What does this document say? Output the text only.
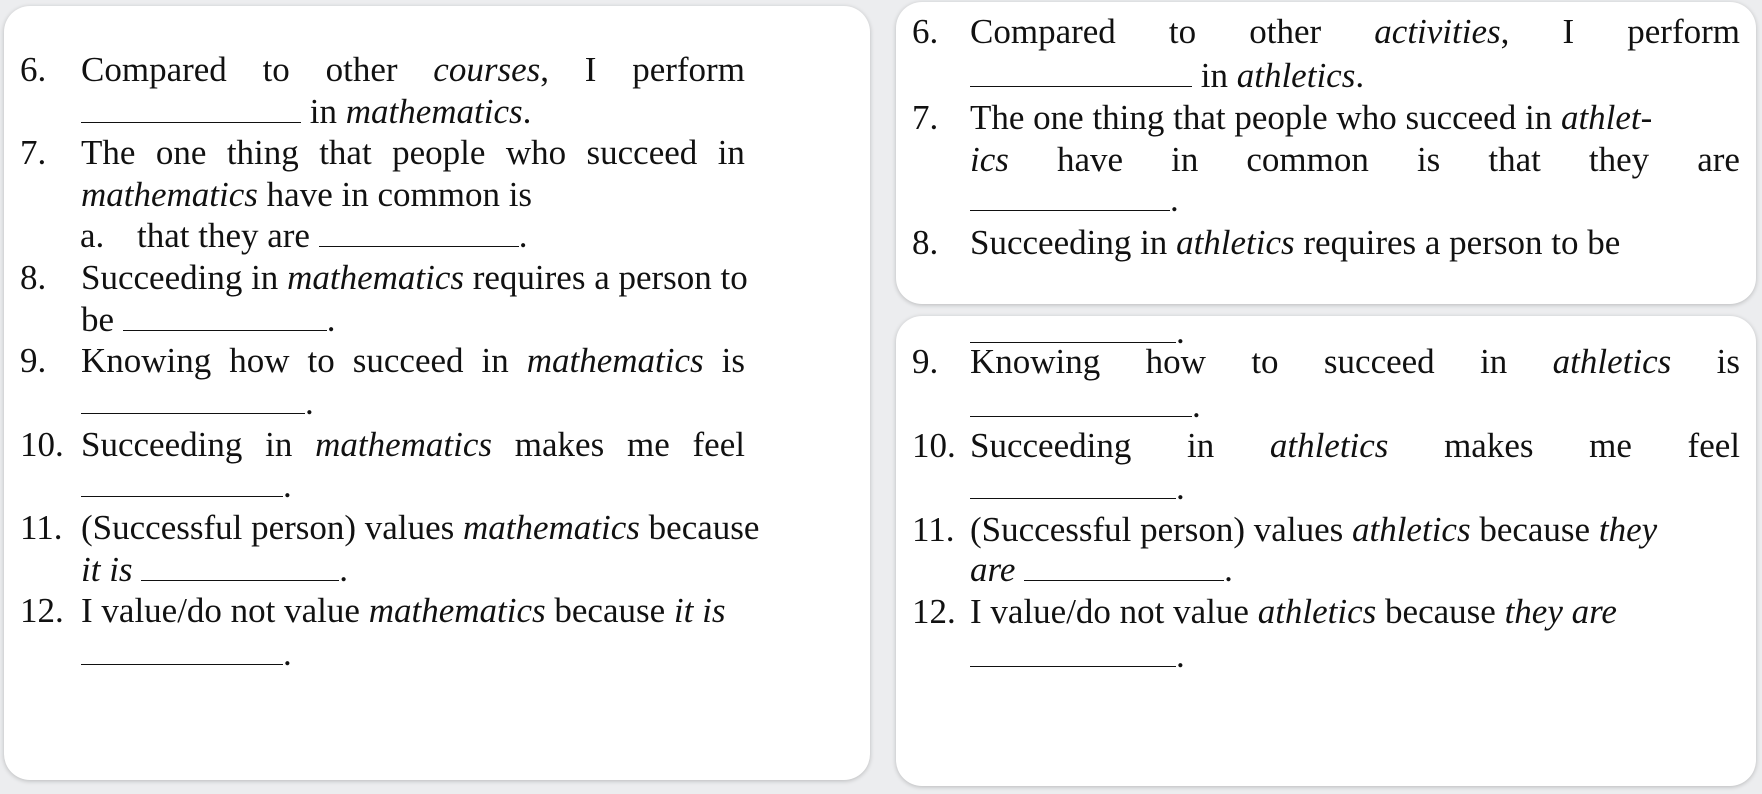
6. Compared to other courses, I perform
in mathematics.
7. The one thing that people who succeed in
mathematics have in common is
a. that they are	.
8. Succeeding in mathematics requires a person to
be	.
9. Knowing how to succeed in mathematics is
.
10. Succeeding in mathematics makes me feel
.
11. (Successful person) values mathematics because
it is	.
12. I value/do not value mathematics because it is
.
6. Compared to other activities, I perform
in athletics.
7. The one thing that people who succeed in athlet-
ics have in common is that they are
.
8. Succeeding in athletics requires a person to be
.
9. Knowing how to succeed in athletics is
.
10. Succeeding in athletics makes me feel
.
11. (Successful person) values athletics because they
are	.
12. I value/do not value athletics because they are
.
